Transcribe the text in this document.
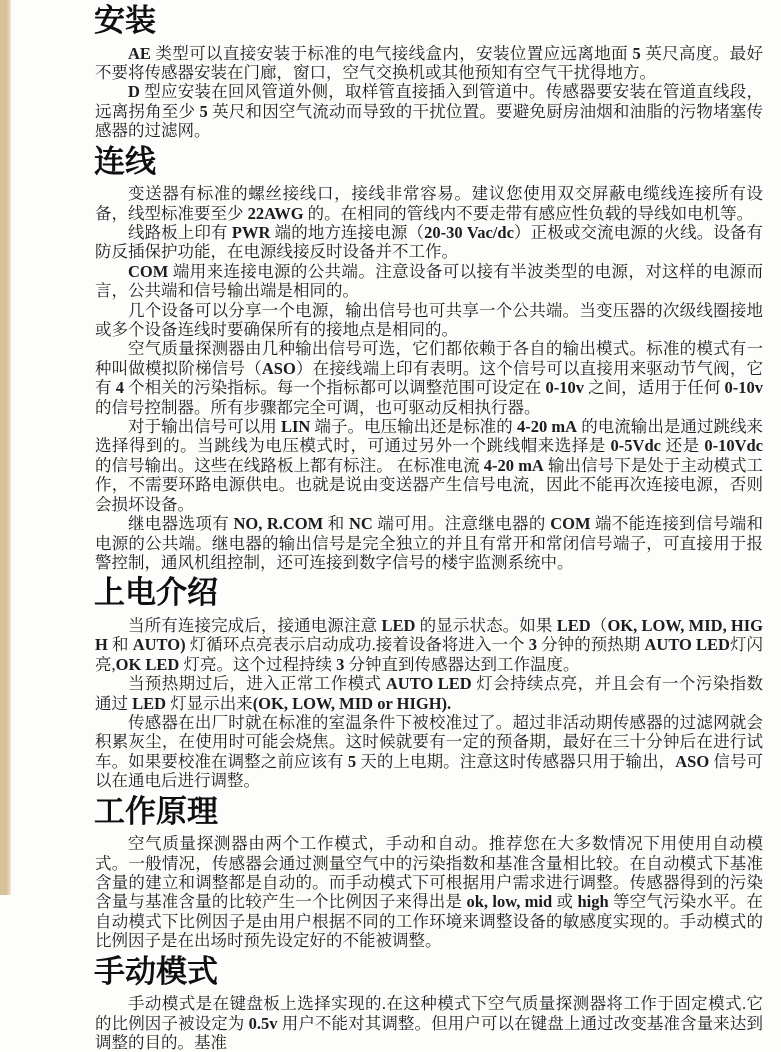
安装

AE 类型可以直接安装于标准的电气接线盒内，安装位置应远离地面 5 英尺高度。最好不要将传感器安装在门廊，窗口，空气交换机或其他预知有空气干扰得地方。

D 型应安装在回风管道外侧，取样管直接插入到管道中。传感器要安装在管道直线段，远离拐角至少 5 英尺和因空气流动而导致的干扰位置。要避免厨房油烟和油脂的污物堵塞传感器的过滤网。

连线

变送器有标准的螺丝接线口，接线非常容易。建议您使用双交屏蔽电缆线连接所有设备，线型标准要至少 22AWG 的。在相同的管线内不要走带有感应性负载的导线如电机等。

线路板上印有 PWR 端的地方连接电源（20-30 Vac/dc）正极或交流电源的火线。设备有防反插保护功能，在电源线接反时设备并不工作。

COM 端用来连接电源的公共端。注意设备可以接有半波类型的电源，对这样的电源而言，公共端和信号输出端是相同的。

几个设备可以分享一个电源，输出信号也可共享一个公共端。当变压器的次级线圈接地或多个设备连线时要确保所有的接地点是相同的。

空气质量探测器由几种输出信号可选，它们都依赖于各自的输出模式。标准的模式有一种叫做模拟阶梯信号（ASO）在接线端上印有表明。这个信号可以直接用来驱动节气阀，它有 4 个相关的污染指标。每一个指标都可以调整范围可设定在 0-10v 之间，适用于任何 0-10v 的信号控制器。所有步骤都完全可调，也可驱动反相执行器。

对于输出信号可以用 LIN 端子。电压输出还是标准的 4-20 mA 的电流输出是通过跳线来选择得到的。当跳线为电压模式时，可通过另外一个跳线帽来选择是 0-5Vdc 还是 0-10Vdc 的信号输出。这些在线路板上都有标注。 在标准电流 4-20 mA 输出信号下是处于主动模式工作，不需要环路电源供电。也就是说由变送器产生信号电流，因此不能再次连接电源，否则会损坏设备。

继电器选项有 NO, R.COM 和 NC 端可用。注意继电器的 COM 端不能连接到信号端和电源的公共端。继电器的输出信号是完全独立的并且有常开和常闭信号端子，可直接用于报警控制，通风机组控制，还可连接到数字信号的楼宇监测系统中。

上电介绍

当所有连接完成后，接通电源注意 LED 的显示状态。如果 LED（OK, LOW, MID, HIGH 和 AUTO) 灯循环点亮表示启动成功.接着设备将进入一个 3 分钟的预热期 AUTO LED灯闪亮,OK LED 灯亮。这个过程持续 3 分钟直到传感器达到工作温度。

当预热期过后，进入正常工作模式 AUTO LED 灯会持续点亮，并且会有一个污染指数通过 LED 灯显示出来(OK, LOW, MID or HIGH).

传感器在出厂时就在标准的室温条件下被校准过了。超过非活动期传感器的过滤网就会积累灰尘，在使用时可能会烧焦。这时候就要有一定的预备期，最好在三十分钟后在进行试车。如果要校准在调整之前应该有 5 天的上电期。注意这时传感器只用于输出，ASO 信号可以在通电后进行调整。

工作原理

空气质量探测器由两个工作模式，手动和自动。推荐您在大多数情况下用使用自动模式。一般情况，传感器会通过测量空气中的污染指数和基准含量相比较。在自动模式下基准含量的建立和调整都是自动的。而手动模式下可根据用户需求进行调整。传感器得到的污染含量与基准含量的比较产生一个比例因子来得出是 ok, low, mid 或 high 等空气污染水平。在自动模式下比例因子是由用户根据不同的工作环境来调整设备的敏感度实现的。手动模式的比例因子是在出场时预先设定好的不能被调整。

手动模式

手动模式是在键盘板上选择实现的.在这种模式下空气质量探测器将工作于固定模式.它的比例因子被设定为 0.5v 用户不能对其调整。但用户可以在键盘上通过改变基准含量来达到调整的目的。基准
